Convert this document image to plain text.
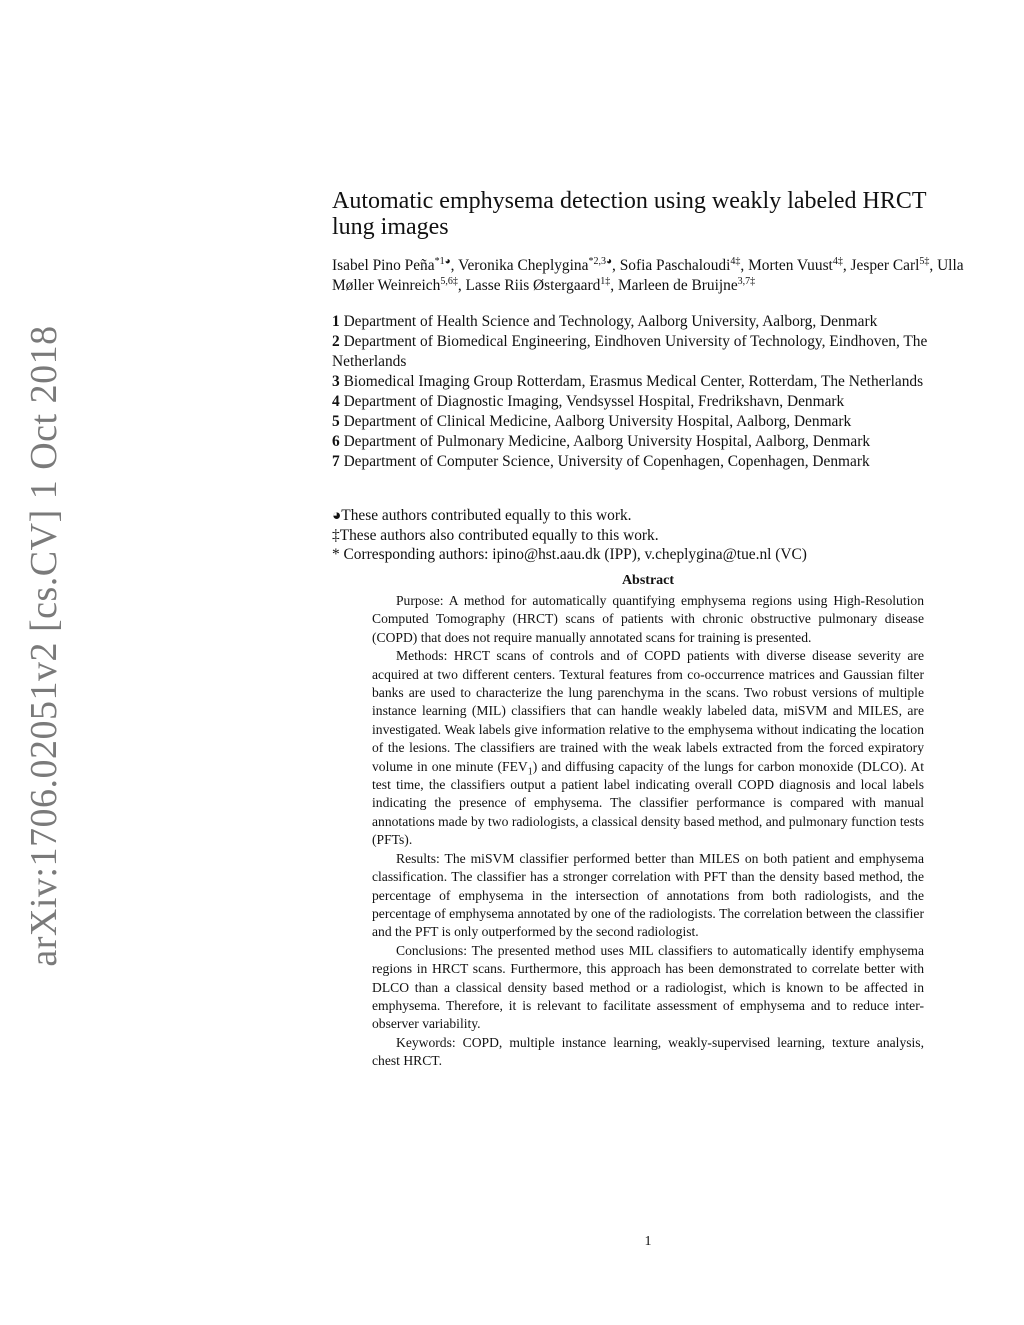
arXiv:1706.02051v2 [cs.CV] 1 Oct 2018
Automatic emphysema detection using weakly labeled HRCT lung images
Isabel Pino Peña$^{*1◕}$, Veronika Cheplygina$^{*2,3◕}$, Sofia Paschaloudi$^{4\ddagger}$, Morten Vuust$^{4\ddagger}$, Jesper Carl$^{5\ddagger}$, Ulla Møller Weinreich$^{5,6\ddagger}$, Lasse Riis Østergaard$^{1\ddagger}$, Marleen de Bruijne$^{3,7\ddagger}$
1 Department of Health Science and Technology, Aalborg University, Aalborg, Denmark
2 Department of Biomedical Engineering, Eindhoven University of Technology, Eindhoven, The Netherlands
3 Biomedical Imaging Group Rotterdam, Erasmus Medical Center, Rotterdam, The Netherlands
4 Department of Diagnostic Imaging, Vendsyssel Hospital, Fredrikshavn, Denmark
5 Department of Clinical Medicine, Aalborg University Hospital, Aalborg, Denmark
6 Department of Pulmonary Medicine, Aalborg University Hospital, Aalborg, Denmark
7 Department of Computer Science, University of Copenhagen, Copenhagen, Denmark
◕These authors contributed equally to this work.
‡These authors also contributed equally to this work.
* Corresponding authors: ipino@hst.aau.dk (IPP), v.cheplygina@tue.nl (VC)
Abstract

Purpose: A method for automatically quantifying emphysema regions using High-Resolution Computed Tomography (HRCT) scans of patients with chronic obstructive pulmonary disease (COPD) that does not require manually annotated scans for training is presented.

Methods: HRCT scans of controls and of COPD patients with diverse disease severity are acquired at two different centers. Textural features from co-occurrence matrices and Gaussian filter banks are used to characterize the lung parenchyma in the scans. Two robust versions of multiple instance learning (MIL) classifiers that can handle weakly labeled data, miSVM and MILES, are investigated. Weak labels give information relative to the emphysema without indicating the location of the lesions. The classifiers are trained with the weak labels extracted from the forced expiratory volume in one minute $(FEV_1)$ and diffusing capacity of the lungs for carbon monoxide (DLCO). At test time, the classifiers output a patient label indicating overall COPD diagnosis and local labels indicating the presence of emphysema. The classifier performance is compared with manual annotations made by two radiologists, a classical density based method, and pulmonary function tests (PFTs).

Results: The miSVM classifier performed better than MILES on both patient and emphysema classification. The classifier has a stronger correlation with PFT than the density based method, the percentage of emphysema in the intersection of annotations from both radiologists, and the percentage of emphysema annotated by one of the radiologists. The correlation between the classifier and the PFT is only outperformed by the second radiologist.

Conclusions: The presented method uses MIL classifiers to automatically identify emphysema regions in HRCT scans. Furthermore, this approach has been demonstrated to correlate better with DLCO than a classical density based method or a radiologist, which is known to be affected in emphysema. Therefore, it is relevant to facilitate assessment of emphysema and to reduce inter-observer variability.

Keywords: COPD, multiple instance learning, weakly-supervised learning, texture analysis, chest HRCT.

1
